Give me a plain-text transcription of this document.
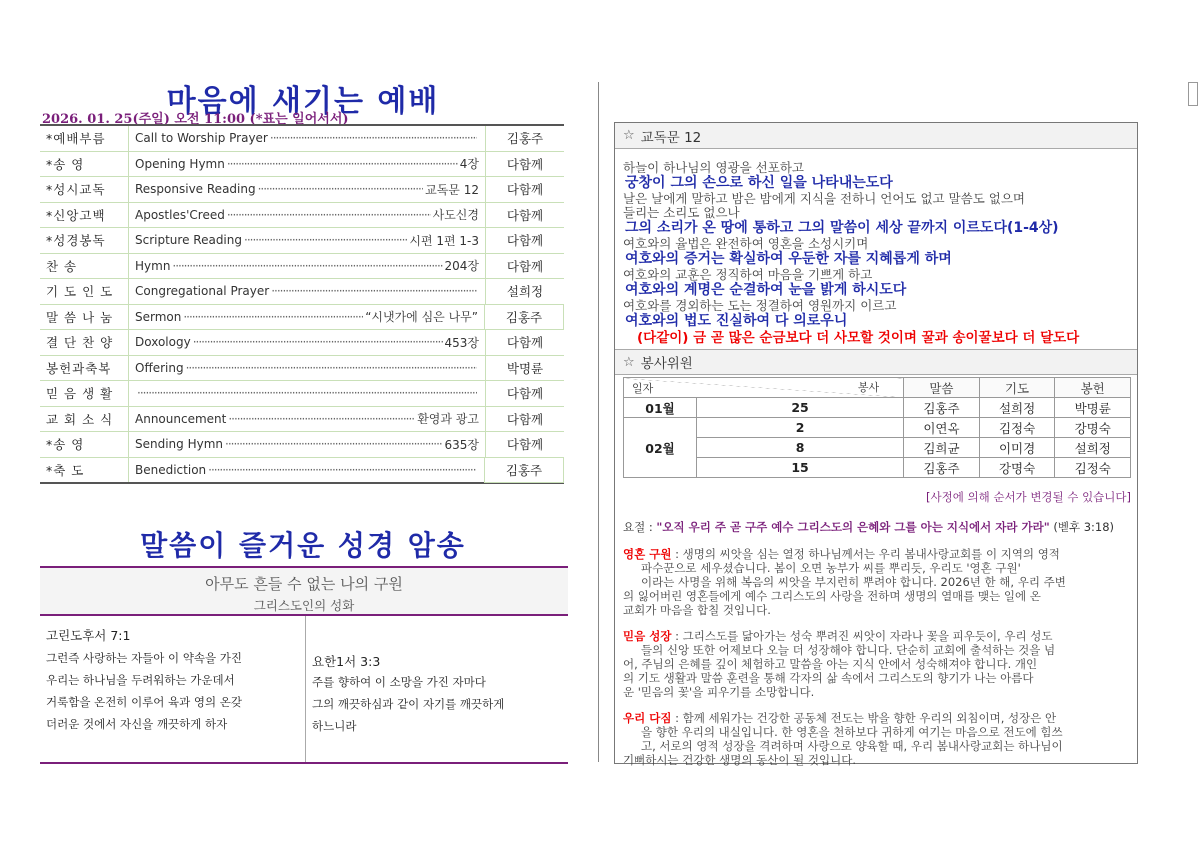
마음에 새기는 예배
2026. 01. 25(주일) 오전 11:00 (*표는 일어서서)
*예배부름	Call to Worship Prayer ·····	김홍주
*송 영	Opening Hymn ·····	4장	다함께
*성시교독	Responsive Reading ·····	교독문 12	다함께
*신앙고백	Apostles'Creed ·····	사도신경	다함께
*성경봉독	Scripture Reading ·····	시편 1편 1-3	다함께
찬 송	Hymn ·····	204장	다함께
기 도 인 도	Congregational Prayer ·····	설희정
말 씀 나 눔	Sermon ·····	“시냇가에 심은 나무”	김홍주
결 단 찬 양	Doxology ·····	453장	다함께
봉헌과축복	Offering ·····	박명륜
믿 음 생 활 ·····	다함께
교 회 소 식	Announcement ·····	환영과 광고	다함께
*송 영	Sending Hymn ·····	635장	다함께
*축 도	Benediction ·····	김홍주
말씀이 즐거운 성경 암송
아무도 흔들 수 없는 나의 구원
그리스도인의 성화
고린도후서 7:1
그런즉 사랑하는 자들아 이 약속을 가진
우리는 하나님을 두려워하는 가운데서
거룩함을 온전히 이루어 육과 영의 온갖
더러운 것에서 자신을 깨끗하게 하자
요한1서 3:3
주를 향하여 이 소망을 가진 자마다
그의 깨끗하심과 같이 자기를 깨끗하게
하느니라
☆ 교독문 12
하늘이 하나님의 영광을 선포하고
궁창이 그의 손으로 하신 일을 나타내는도다
날은 날에게 말하고 밤은 밤에게 지식을 전하니 언어도 없고 말씀도 없으며
들리는 소리도 없으나
그의 소리가 온 땅에 통하고 그의 말씀이 세상 끝까지 이르도다(1-4상)
여호와의 율법은 완전하여 영혼을 소성시키며
여호와의 증거는 확실하여 우둔한 자를 지혜롭게 하며
여호와의 교훈은 정직하여 마음을 기쁘게 하고
여호와의 계명은 순결하여 눈을 밝게 하시도다
여호와를 경외하는 도는 정결하여 영원까지 이르고
여호와의 법도 진실하여 다 의로우니
(다같이) 금 곧 많은 순금보다 더 사모할 것이며 꿀과 송이꿀보다 더 달도다
☆ 봉사위원
봉사
일자		말씀	기도	봉헌
01월	25	김홍주	설희정	박명륜
02월	2	이연옥	김정숙	강명숙
	8	김희균	이미경	설희정
	15	김홍주	강명숙	김정숙
[사정에 의해 순서가 변경될 수 있습니다]
요절 : "오직 우리 주 곧 구주 예수 그리스도의 은혜와 그를 아는 지식에서 자라 가라" (벧후 3:18)
영혼 구원 : 생명의 씨앗을 심는 열정 하나님께서는 우리 봄내사랑교회를 이 지역의 영적
파수꾼으로 세우셨습니다. 봄이 오면 농부가 씨를 뿌리듯, 우리도 '영혼 구원'
이라는 사명을 위해 복음의 씨앗을 부지런히 뿌려야 합니다. 2026년 한 해, 우리 주변
의 잃어버린 영혼들에게 예수 그리스도의 사랑을 전하며 생명의 열매를 맺는 일에 온
교회가 마음을 합칠 것입니다.
믿음 성장 : 그리스도를 닮아가는 성숙 뿌려진 씨앗이 자라나 꽃을 피우듯이, 우리 성도
들의 신앙 또한 어제보다 오늘 더 성장해야 합니다. 단순히 교회에 출석하는 것을 넘
어, 주님의 은혜를 깊이 체험하고 말씀을 아는 지식 안에서 성숙해져야 합니다. 개인
의 기도 생활과 말씀 훈련을 통해 각자의 삶 속에서 그리스도의 향기가 나는 아름다
운 '믿음의 꽃'을 피우기를 소망합니다.
우리 다짐 : 함께 세워가는 건강한 공동체 전도는 밖을 향한 우리의 외침이며, 성장은 안
을 향한 우리의 내실입니다. 한 영혼을 천하보다 귀하게 여기는 마음으로 전도에 힘쓰
고, 서로의 영적 성장을 격려하며 사랑으로 양육할 때, 우리 봄내사랑교회는 하나님이
기뻐하시는 건강한 생명의 동산이 될 것입니다.
